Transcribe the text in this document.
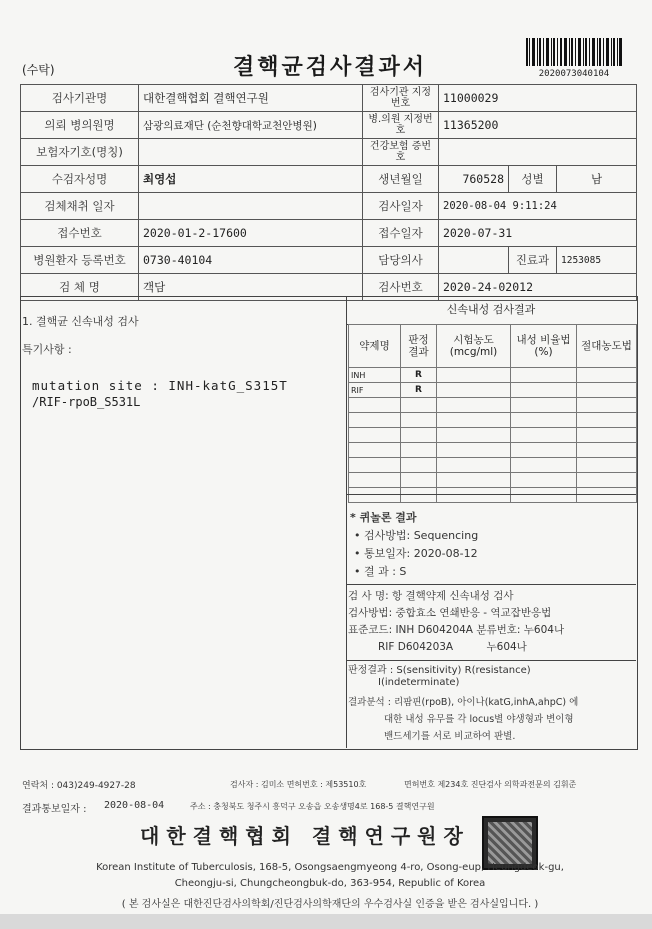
(수탁)	결핵균검사결과서	2020073040104
검사기관명	대한결핵협회 결핵연구원	검사기관 지정번호	11000029		
의뢰 병의원명	삼광의료재단 (순천향대학교천안병원)	병.의원 지정번호	11365200		
보험자기호(명칭)		건강보험 증번호			
수검자성명	최영섭	생년월일	760528	성별	남
검체채취 일자		검사일자	2020-08-04 9:11:24		
접수번호	2020-01-2-17600	접수일자	2020-07-31		
병원환자 등록번호	0730-40104	담당의사		진료과	1253085
검 체 명	객담	검사번호	2020-24-02012		
1. 결핵균 신속내성 검사
특기사항 :
mutation site : INH-katG_S315T
/RIF-rpoB_S531L
신속내성 검사결과
약제명	판정 결과	시험농도(mcg/ml)	내성 비율법(%)	절대농도법
INH	R			
RIF	R			

* 퀴놀론 결과
• 검사방법: Sequencing
• 통보일자: 2020-08-12
• 결 과 : S
검 사 명: 항 결핵약제 신속내성 검사
검사방법: 중합효소 연쇄반응 - 역교잡반응법
표준코드: INH D604204A 분류번호: 누604나
RIF D604203A          누604나
판정결과 : S(sensitivity) R(resistance)
I(indeterminate)
결과분석 : 리팜핀(rpoB), 아이나(katG,inhA,ahpC) 에
대한 내성 유무를 각 locus별 야생형과 변이형
밴드세기를 서로 비교하여 판별.
연락처 : 043)249-4927-28	검사자 : 김미소 면허번호 : 제53510호	면허번호 제234호 진단검사 의학과전문의 김휘준
결과통보일자 : 2020-08-04	주소 : 충청북도 청주시 흥덕구 오송읍 오송생명4로 168-5 결핵연구원
대한결핵협회 결핵연구원장
Korean Institute of Tuberculosis, 168-5, Osongsaengmyeong 4-ro, Osong-eup, Heungdeok-gu,
Cheongju-si, Chungcheongbuk-do, 363-954, Republic of Korea
( 본 검사실은 대한진단검사의학회/진단검사의학재단의 우수검사실 인증을 받은 검사실입니다. )
